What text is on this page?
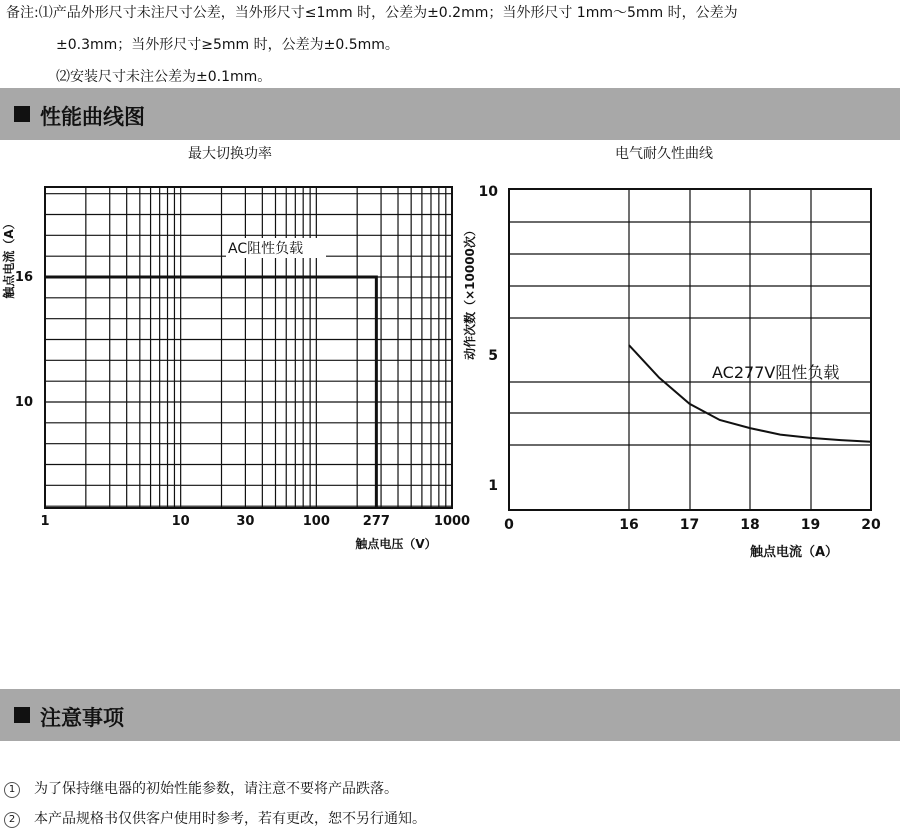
备注:⑴产品外形尺寸未注尺寸公差，当外形尺寸≤1mm 时，公差为±0.2mm；当外形尺寸 1mm～5mm 时，公差为
±0.3mm；当外形尺寸≥5mm 时，公差为±0.5mm。
⑵安装尺寸未注公差为±0.1mm。
性能曲线图
最大切换功率
1	10	30	100	277	1000
10
16
AC阻性负载
触点电流（A）
触点电压（V）
电气耐久性曲线
0	16	17	18	19	20
1
5
10
AC277V阻性负载
动作次数（×10000次）
触点电流（A）
注意事项
1 为了保持继电器的初始性能参数，请注意不要将产品跌落。
2 本产品规格书仅供客户使用时参考，若有更改，恕不另行通知。
